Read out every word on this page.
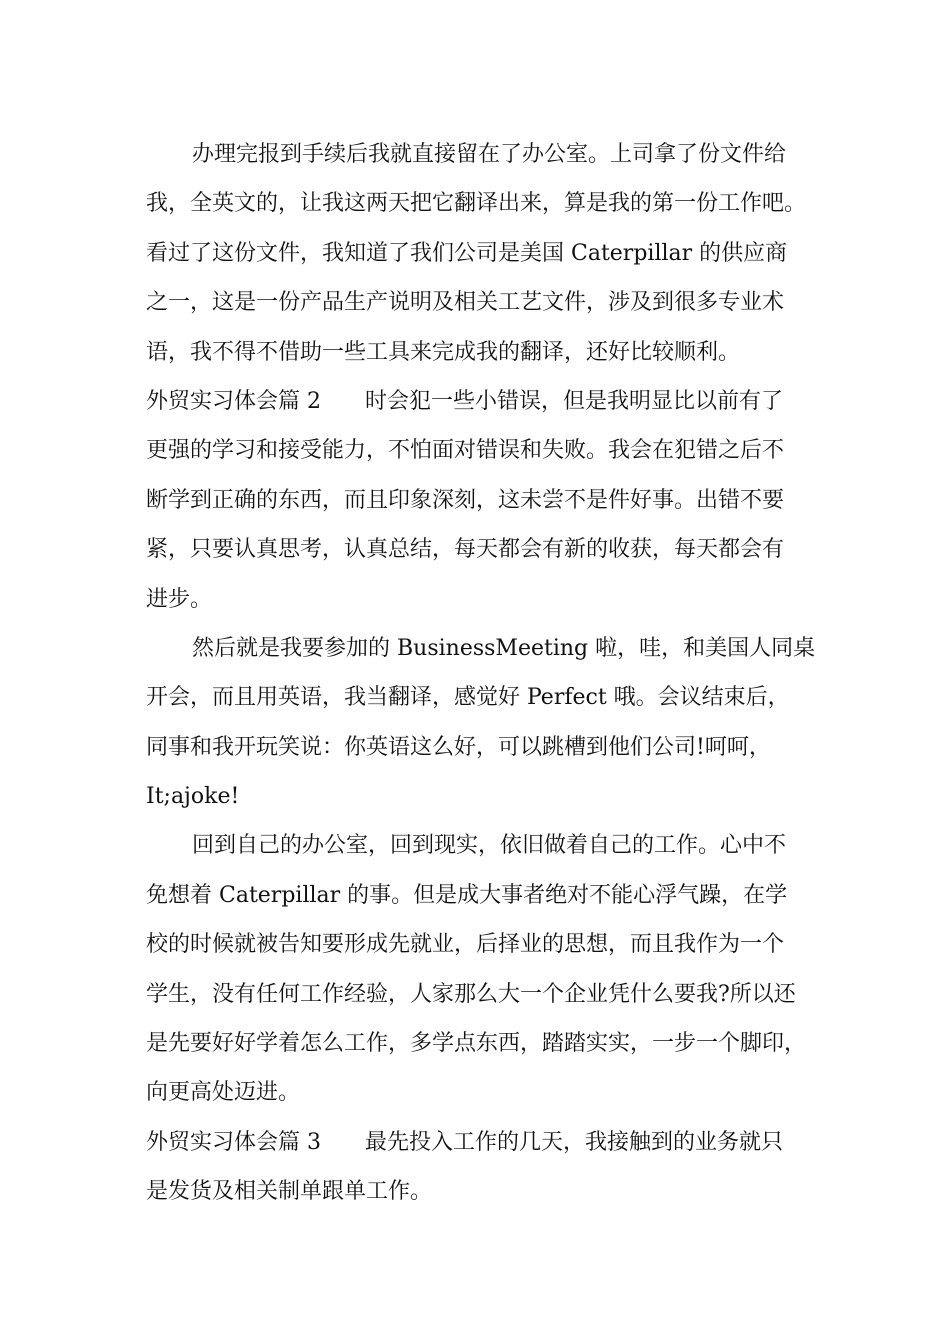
办理完报到手续后我就直接留在了办公室。上司拿了份文件给
我，全英文的，让我这两天把它翻译出来，算是我的第一份工作吧。
看过了这份文件，我知道了我们公司是美国 Caterpillar 的供应商
之一，这是一份产品生产说明及相关工艺文件，涉及到很多专业术
语，我不得不借助一些工具来完成我的翻译，还好比较顺利。
外贸实习体会篇 2　　时会犯一些小错误，但是我明显比以前有了
更强的学习和接受能力，不怕面对错误和失败。我会在犯错之后不
断学到正确的东西，而且印象深刻，这未尝不是件好事。出错不要
紧，只要认真思考，认真总结，每天都会有新的收获，每天都会有
进步。
然后就是我要参加的 BusinessMeeting 啦，哇，和美国人同桌
开会，而且用英语，我当翻译，感觉好 Perfect 哦。会议结束后，
同事和我开玩笑说：你英语这么好，可以跳槽到他们公司!呵呵，
It;ajoke!
回到自己的办公室，回到现实，依旧做着自己的工作。心中不
免想着 Caterpillar 的事。但是成大事者绝对不能心浮气躁，在学
校的时候就被告知要形成先就业，后择业的思想，而且我作为一个
学生，没有任何工作经验，人家那么大一个企业凭什么要我?所以还
是先要好好学着怎么工作，多学点东西，踏踏实实，一步一个脚印，
向更高处迈进。
外贸实习体会篇 3　　最先投入工作的几天，我接触到的业务就只
是发货及相关制单跟单工作。
